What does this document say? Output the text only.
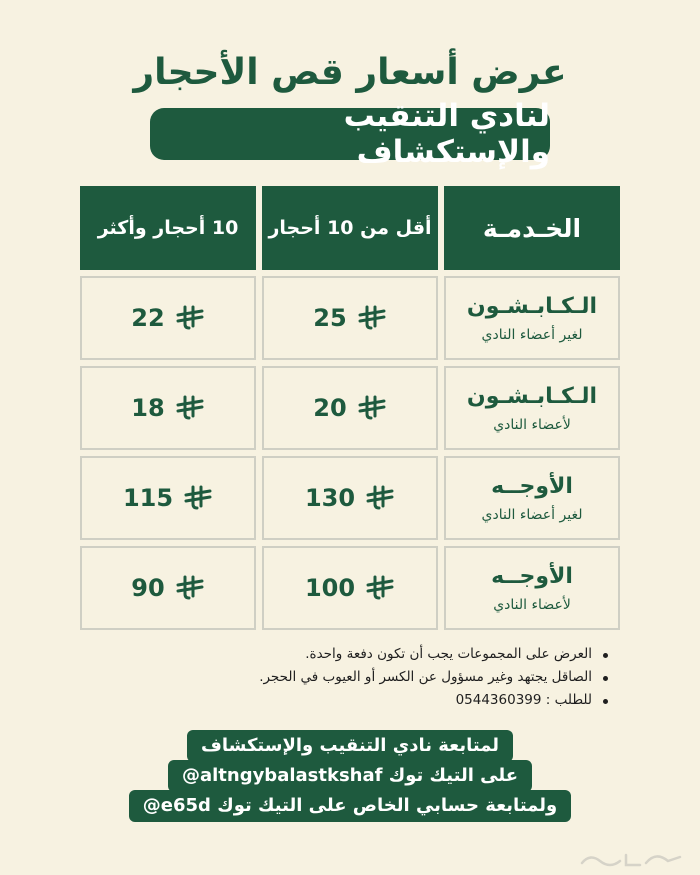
عرض أسعار قص الأحجار
لنادي التنقيب والإستكشاف
الخـدمـة
أقل من 10 أحجار
10 أحجار وأكثر
الـكـابـشـون
لغير أعضاء النادي
25
22
الـكـابـشـون
لأعضاء النادي
20
18
الأوجــه
لغير أعضاء النادي
130
115
الأوجــه
لأعضاء النادي
100
90
العرض على المجموعات يجب أن تكون دفعة واحدة.
الصاقل يجتهد وغير مسؤول عن الكسر أو العيوب في الحجر.
للطلب : 0544360399
لمتابعة نادي التنقيب والإستكشاف
على التيك توك altngybalastkshaf@
ولمتابعة حسابي الخاص على التيك توك e65d@
